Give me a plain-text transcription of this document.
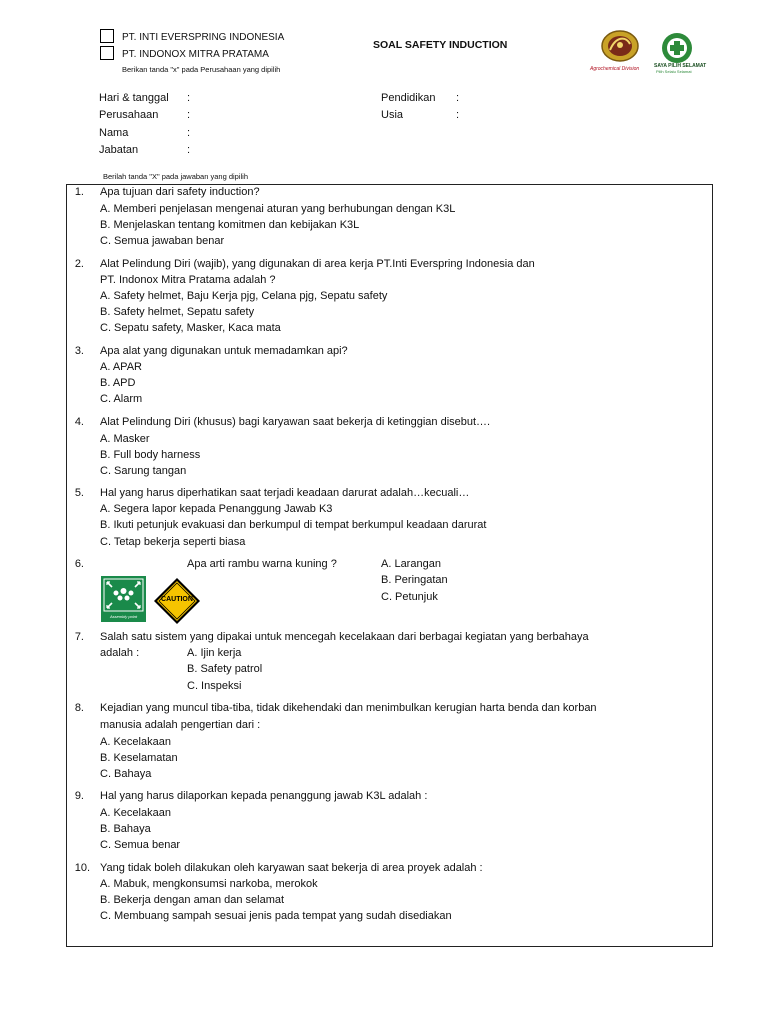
PT. INTI EVERSPRING INDONESIA
PT. INDONOX MITRA PRATAMA
Berikan tanda "x" pada Perusahaan yang dipilih
SOAL SAFETY INDUCTION
Agrochemical Division	SAYA PILIH SELAMAT
Pilih Selalu Selamat
Hari & tanggal :
Perusahaan	:
Nama	:
Jabatan	:
Pendidikan :
Usia	:
Berilah tanda "X" pada jawaban yang dipilih
1. Apa tujuan dari safety induction?
A. Memberi penjelasan mengenai aturan yang berhubungan dengan K3L
B. Menjelaskan tentang komitmen dan kebijakan K3L
C. Semua jawaban benar
2. Alat Pelindung Diri (wajib), yang digunakan di area kerja PT.Inti Everspring Indonesia dan
PT. Indonox Mitra Pratama adalah ?
A. Safety helmet, Baju Kerja pjg, Celana pjg, Sepatu safety
B. Safety helmet, Sepatu safety
C. Sepatu safety, Masker, Kaca mata
3. Apa alat yang digunakan untuk memadamkan api?
A. APAR
B. APD
C. Alarm
4. Alat Pelindung Diri (khusus) bagi karyawan saat bekerja di ketinggian disebut….
A. Masker
B. Full body harness
C. Sarung tangan
5. Hal yang harus diperhatikan saat terjadi keadaan darurat adalah…kecuali…
A. Segera lapor kepada Penanggung Jawab K3
B. Ikuti petunjuk evakuasi dan berkumpul di tempat berkumpul keadaan darurat
C. Tetap bekerja seperti biasa
6.	Apa arti rambu warna kuning ?	A. Larangan
B. Peringatan
C. Petunjuk
Assembly point
CAUTION
7. Salah satu sistem yang dipakai untuk mencegah kecelakaan dari berbagai kegiatan yang berbahaya
adalah :	A. Ijin kerja
B. Safety patrol
C. Inspeksi
8. Kejadian yang muncul tiba-tiba, tidak dikehendaki dan menimbulkan kerugian harta benda dan korban
manusia adalah pengertian dari :
A. Kecelakaan
B. Keselamatan
C. Bahaya
9. Hal yang harus dilaporkan kepada penanggung jawab K3L adalah :
A. Kecelakaan
B. Bahaya
C. Semua benar
10. Yang tidak boleh dilakukan oleh karyawan saat bekerja di area proyek adalah :
A. Mabuk, mengkonsumsi narkoba, merokok
B. Bekerja dengan aman dan selamat
C. Membuang sampah sesuai jenis pada tempat yang sudah disediakan
